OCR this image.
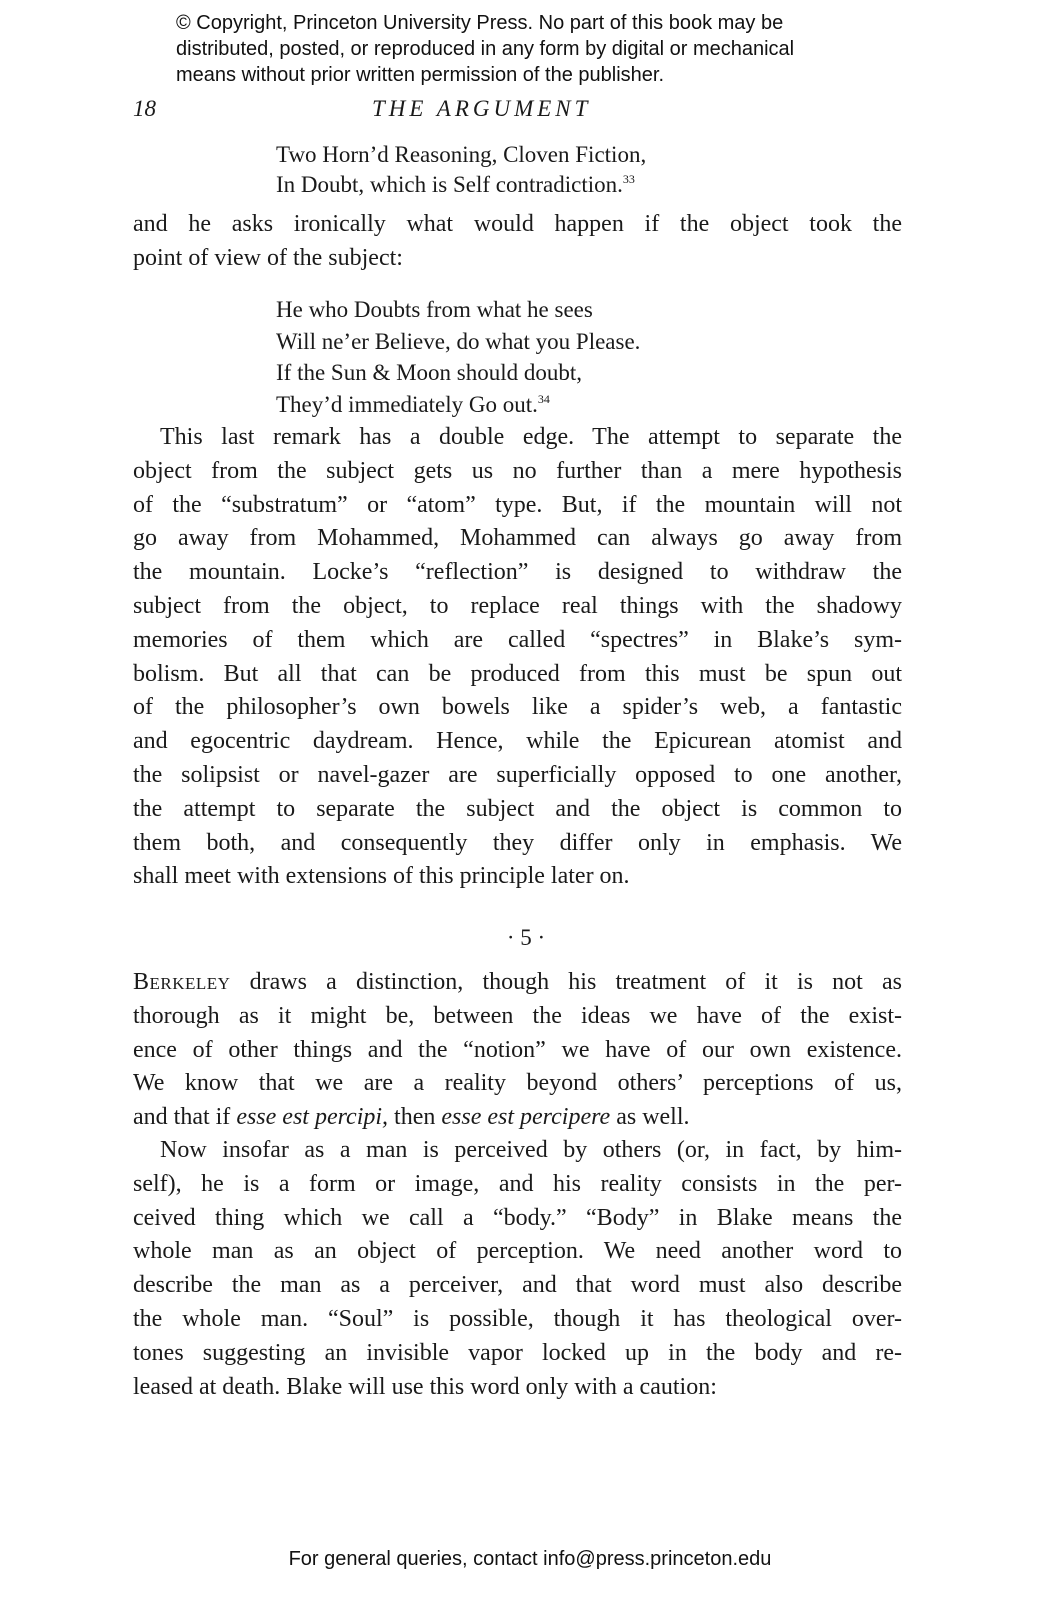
© Copyright, Princeton University Press. No part of this book may be
distributed, posted, or reproduced in any form by digital or mechanical
means without prior written permission of the publisher.
18	THE ARGUMENT
Two Horn’d Reasoning, Cloven Fiction,
In Doubt, which is Self contradiction.$^{33}$
and he asks ironically what would happen if the object took the
point of view of the subject:
He who Doubts from what he sees
Will ne’er Believe, do what you Please.
If the Sun & Moon should doubt,
They’d immediately Go out.$^{34}$
This last remark has a double edge. The attempt to separate the
object from the subject gets us no further than a mere hypothesis
of the “substratum” or “atom” type. But, if the mountain will not
go away from Mohammed, Mohammed can always go away from
the mountain. Locke’s “reflection” is designed to withdraw the
subject from the object, to replace real things with the shadowy
memories of them which are called “spectres” in Blake’s sym-
bolism. But all that can be produced from this must be spun out
of the philosopher’s own bowels like a spider’s web, a fantastic
and egocentric daydream. Hence, while the Epicurean atomist and
the solipsist or navel-gazer are superficially opposed to one another,
the attempt to separate the subject and the object is common to
them both, and consequently they differ only in emphasis. We
shall meet with extensions of this principle later on.
· 5 ·
Berkeley draws a distinction, though his treatment of it is not as
thorough as it might be, between the ideas we have of the exist-
ence of other things and the “notion” we have of our own existence.
We know that we are a reality beyond others’ perceptions of us,
and that if esse est percipi, then esse est percipere as well.
Now insofar as a man is perceived by others (or, in fact, by him-
self), he is a form or image, and his reality consists in the per-
ceived thing which we call a “body.” “Body” in Blake means the
whole man as an object of perception. We need another word to
describe the man as a perceiver, and that word must also describe
the whole man. “Soul” is possible, though it has theological over-
tones suggesting an invisible vapor locked up in the body and re-
leased at death. Blake will use this word only with a caution:
For general queries, contact info@press.princeton.edu
